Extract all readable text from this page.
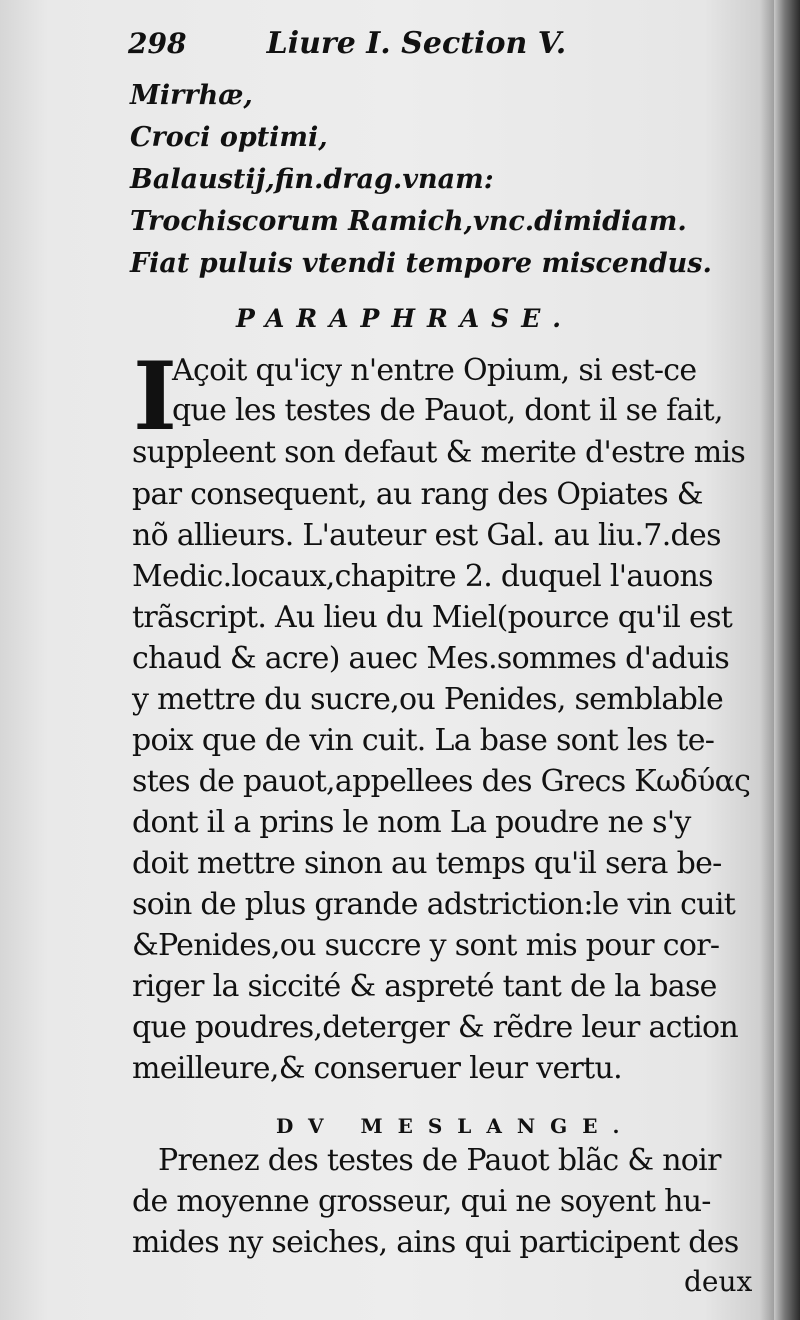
298	Liure I. Section V.
Mirrhæ,
Croci optimi,
Balaustij,fin.drag.vnam:
Trochiscorum Ramich,vnc.dimidiam.
Fiat puluis vtendi tempore miscendus.
PARAPHRASE.
I
Açoit qu'icy n'entre Opium, si est-ce
que les testes de Pauot, dont il se fait,
suppleent son defaut & merite d'estre mis
par consequent, au rang des Opiates &
nõ allieurs. L'auteur est Gal. au liu.7.des
Medic.locaux,chapitre 2. duquel l'auons
trãscript. Au lieu du Miel(pource qu'il est
chaud & acre) auec Mes.sommes d'aduis
y mettre du sucre,ou Penides, semblable
poix que de vin cuit. La base sont les te-
stes de pauot,appellees des Grecs Κωδύας
dont il a prins le nom La poudre ne s'y
doit mettre sinon au temps qu'il sera be-
soin de plus grande adstriction:le vin cuit
&Penides,ou succre y sont mis pour cor-
riger la siccité & aspreté tant de la base
que poudres,deterger & rẽdre leur action
meilleure,& conseruer leur vertu.
DV MESLANGE.
Prenez des testes de Pauot blãc & noir
de moyenne grosseur, qui ne soyent hu-
mides ny seiches, ains qui participent des
deux
